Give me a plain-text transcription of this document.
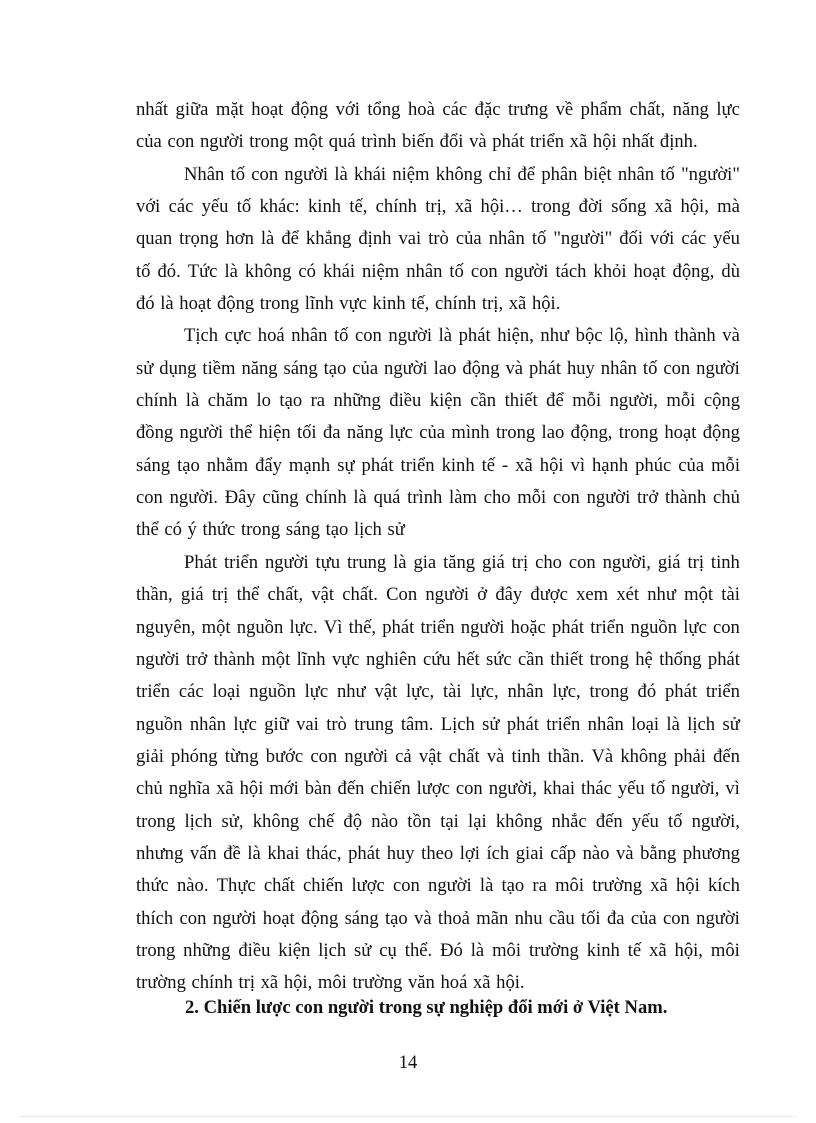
nhất giữa mặt hoạt động với tổng hoà các đặc trưng về phẩm chất, năng lực
của con người trong một quá trình biến đổi và phát triển xã hội nhất định.
Nhân tố con người là khái niệm không chỉ để phân biệt nhân tố "người"
với các yếu tố khác: kinh tế, chính trị, xã hội… trong đời sống xã hội, mà
quan trọng hơn là để khẳng định vai trò của nhân tố "người" đối với các yếu
tố đó. Tức là không có khái niệm nhân tố con người tách khỏi hoạt động, dù
đó là hoạt động trong lĩnh vực kinh tế, chính trị, xã hội.
Tịch cực hoá nhân tố con người là phát hiện, như bộc lộ, hình thành và
sử dụng tiềm năng sáng tạo của người lao động và phát huy nhân tố con người
chính là chăm lo tạo ra những điều kiện cần thiết để mỗi người, mỗi cộng
đồng người thể hiện tối đa năng lực của mình trong lao động, trong hoạt động
sáng tạo nhằm đẩy mạnh sự phát triển kinh tế - xã hội vì hạnh phúc của mỗi
con người. Đây cũng chính là quá trình làm cho mỗi con người trở thành chủ
thể có ý thức trong sáng tạo lịch sử
Phát triển người tựu trung là gia tăng giá trị cho con người, giá trị tinh
thần, giá trị thể chất, vật chất. Con người ở đây được xem xét như một tài
nguyên, một nguồn lực. Vì thế, phát triển người hoặc phát triển nguồn lực con
người trở thành một lĩnh vực nghiên cứu hết sức cần thiết trong hệ thống phát
triển các loại nguồn lực như vật lực, tài lực, nhân lực, trong đó phát triển
nguồn nhân lực giữ vai trò trung tâm. Lịch sử phát triển nhân loại là lịch sử
giải phóng từng bước con người cả vật chất và tinh thần. Và không phải đến
chủ nghĩa xã hội mới bàn đến chiến lược con người, khai thác yếu tố người, vì
trong lịch sử, không chế độ nào tồn tại lại không nhắc đến yếu tố người,
nhưng vấn đề là khai thác, phát huy theo lợi ích giai cấp nào và bằng phương
thức nào. Thực chất chiến lược con người là tạo ra môi trường xã hội kích
thích con người hoạt động sáng tạo và thoả mãn nhu cầu tối đa của con người
trong những điều kiện lịch sử cụ thể. Đó là môi trường kinh tế xã hội, môi
trường chính trị xã hội, môi trường văn hoá xã hội.
2. Chiến lược con người trong sự nghiệp đổi mới ở Việt Nam.
14
